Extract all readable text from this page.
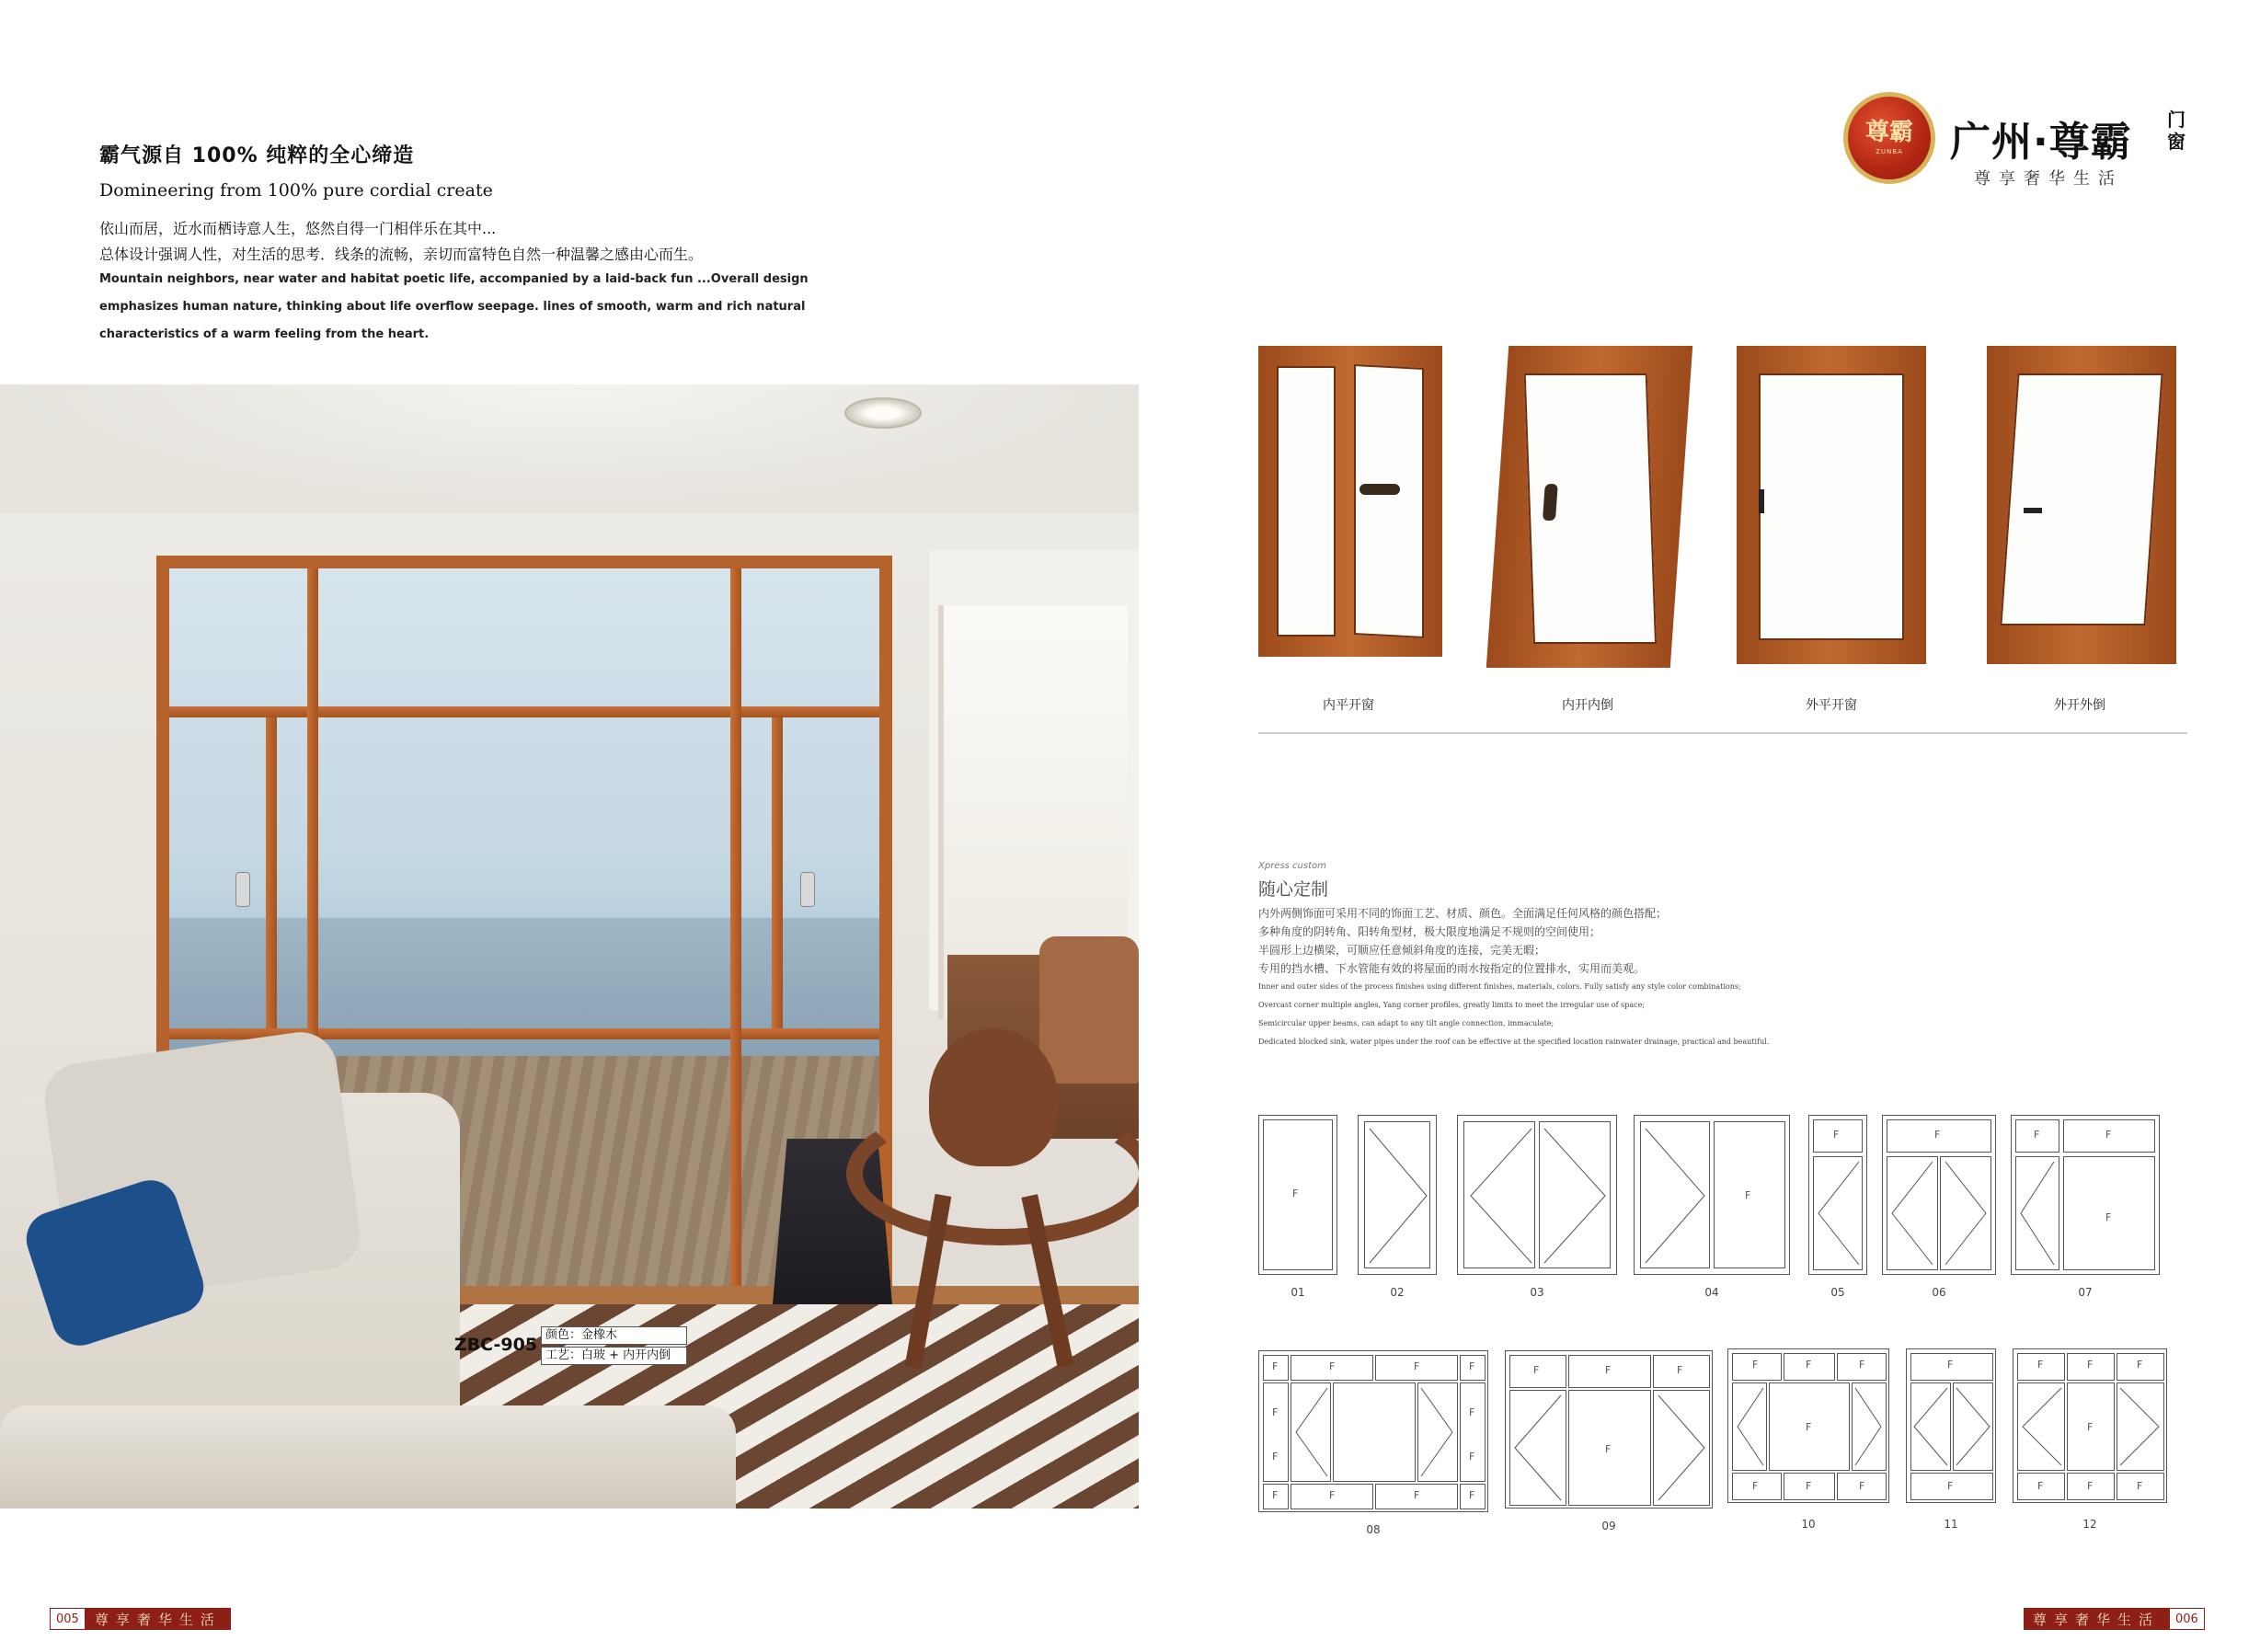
霸气源自 100% 纯粹的全心缔造
Domineering from 100% pure cordial create
依山而居，近水而栖诗意人生，悠然自得一门相伴乐在其中...
总体设计强调人性，对生活的思考．线条的流畅，亲切而富特色自然一种温馨之感由心而生。
Mountain neighbors, near water and habitat poetic life, accompanied by a laid-back fun ...Overall design
emphasizes human nature, thinking about life overflow seepage. lines of smooth, warm and rich natural
characteristics of a warm feeling from the heart.
ZBC-905 颜色：金橡木
工艺：白玻 + 内开内倒
尊霸
ZUNBA 广州·尊霸 门窗
尊享奢华生活
内平开窗	内开内倒	外平开窗	外开外倒
Xpress custom
随心定制
内外两侧饰面可采用不同的饰面工艺、材质、颜色。全面满足任何风格的颜色搭配；
多种角度的阴转角、阳转角型材，极大限度地满足不规则的空间使用；
半圆形上边横梁，可顺应任意倾斜角度的连接，完美无暇；
专用的挡水槽、下水管能有效的将屋面的雨水按指定的位置排水，实用而美观。
Inner and outer sides of the process finishes using different finishes, materials, colors. Fully satisfy any style color combinations;
Overcast corner multiple angles, Yang corner profiles, greatly limits to meet the irregular use of space;
Semicircular upper beams, can adapt to any tilt angle connection, immaculate;
Dedicated blocked sink, water pipes under the roof can be effective at the specified location rainwater drainage, practical and beautiful.
F	F
F	F	F	F
F
01	02	03	04	05	06	07
F	F	F	F
F
F
F
F
F	F	F	F
F	F	F
F
F	F	F
F
F	F	F
F
F
F	F	F
F
F	F	F
08	09	10	11	12
005	尊享奢华生活	尊享奢华生活	006
